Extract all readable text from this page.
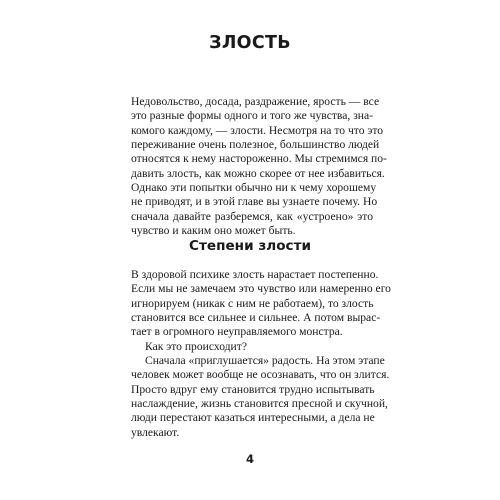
ЗЛОСТЬ
Недовольство, досада, раздражение, ярость — все
это разные формы одного и того же чувства, зна-
комого каждому, — злости. Несмотря на то что это
переживание очень полезное, большинство людей
относятся к нему настороженно. Мы стремимся по-
давить злость, как можно скорее от нее избавиться.
Однако эти попытки обычно ни к чему хорошему
не приводят, и в этой главе вы узнаете почему. Но
сначала давайте разберемся, как «устроено» это
чувство и каким оно может быть.
Степени злости
В здоровой психике злость нарастает постепенно.
Если мы не замечаем это чувство или намеренно его
игнорируем (никак с ним не работаем), то злость
становится все сильнее и сильнее. А потом вырас-
тает в огромного неуправляемого монстра.
Как это происходит?
Сначала «приглушается» радость. На этом этапе
человек может вообще не осознавать, что он злится.
Просто вдруг ему становится трудно испытывать
наслаждение, жизнь становится пресной и скучной,
люди перестают казаться интересными, а дела не
увлекают.
4
